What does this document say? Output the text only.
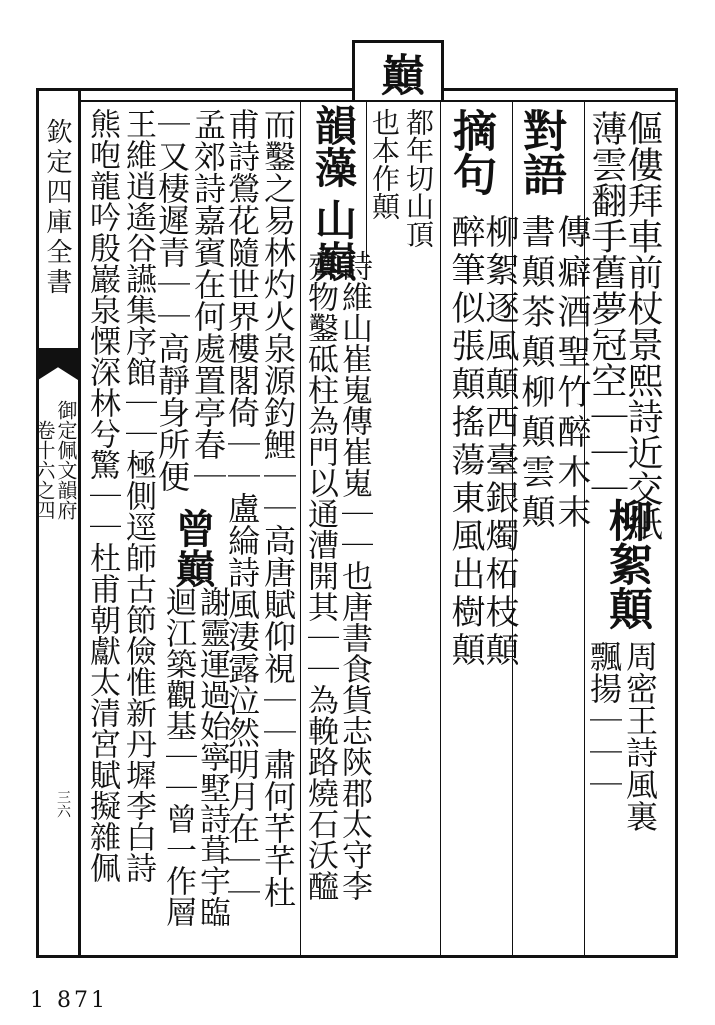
欽定四庫全書
御定佩文韻府
卷十六之四
三六
1 871
巔
都年切山頂
也本作顛	傴僂拜車前杖景熙詩近交紙
薄雲翻手舊夢冠空｜｜｜
對語
傳癖酒聖竹醉木末
書顛茶顛柳顛雲顛
柳絮顛
周密王詩風裏
飄揚｜｜｜
摘句
柳絮逐風顛西臺銀燭柘枝顛
醉筆似張顛搖蕩東風出樹顛
韻藻
山巔
詩維山崔嵬傳崔嵬｜｜也唐書食貨志陝郡太守李
齊物鑿砥柱為門以通漕開其｜｜為輓路燒石沃醯
而鑿之易林灼火泉源釣鯉｜｜高唐賦仰視｜｜肅何芊芊杜
甫詩鶯花隨世界樓閣倚｜｜盧綸詩風淒露泣然明月在｜｜
孟郊詩嘉賓在何處置亭春｜
曾巔
謝靈運過始寧墅詩葺宇臨
｜又棲遲青｜｜高靜身所便
迴江築觀基｜｜曾一作層
王維逍遙谷讌集序館｜｜極側逕師古節儉惟新丹墀李白詩
熊咆龍吟殷巖泉慄深林兮驚｜｜杜甫朝獻太清宮賦擬雜佩
